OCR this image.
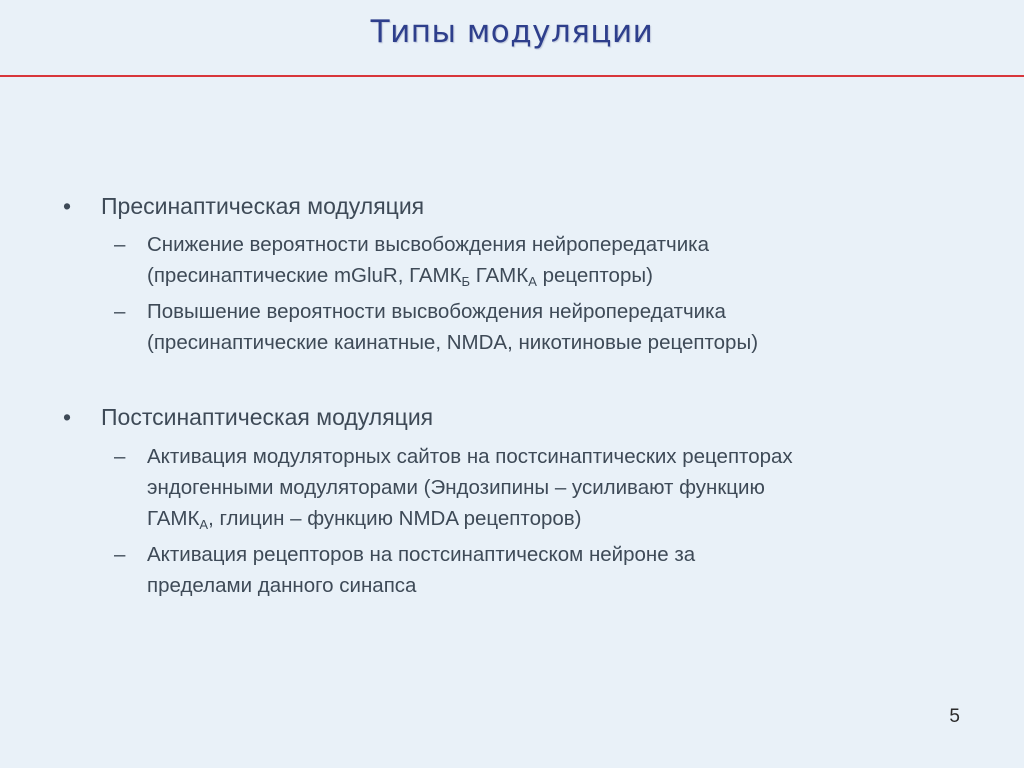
Типы модуляции
• Пресинаптическая модуляция
– Снижение вероятности высвобождения нейропередатчика
(пресинаптические mGluR, $ГАМК_Б$ $ГАМК_А$ рецепторы)
– Повышение вероятности высвобождения нейропередатчика
(пресинаптические каинатные, NMDA, никотиновые рецепторы)
• Постсинаптическая модуляция
– Активация модуляторных сайтов на постсинаптических рецепторах
эндогенными модуляторами (Эндозипины – усиливают функцию
$ГАМК_А$, глицин – функцию NMDA рецепторов)
– Активация рецепторов на постсинаптическом нейроне за
пределами данного синапса
5
